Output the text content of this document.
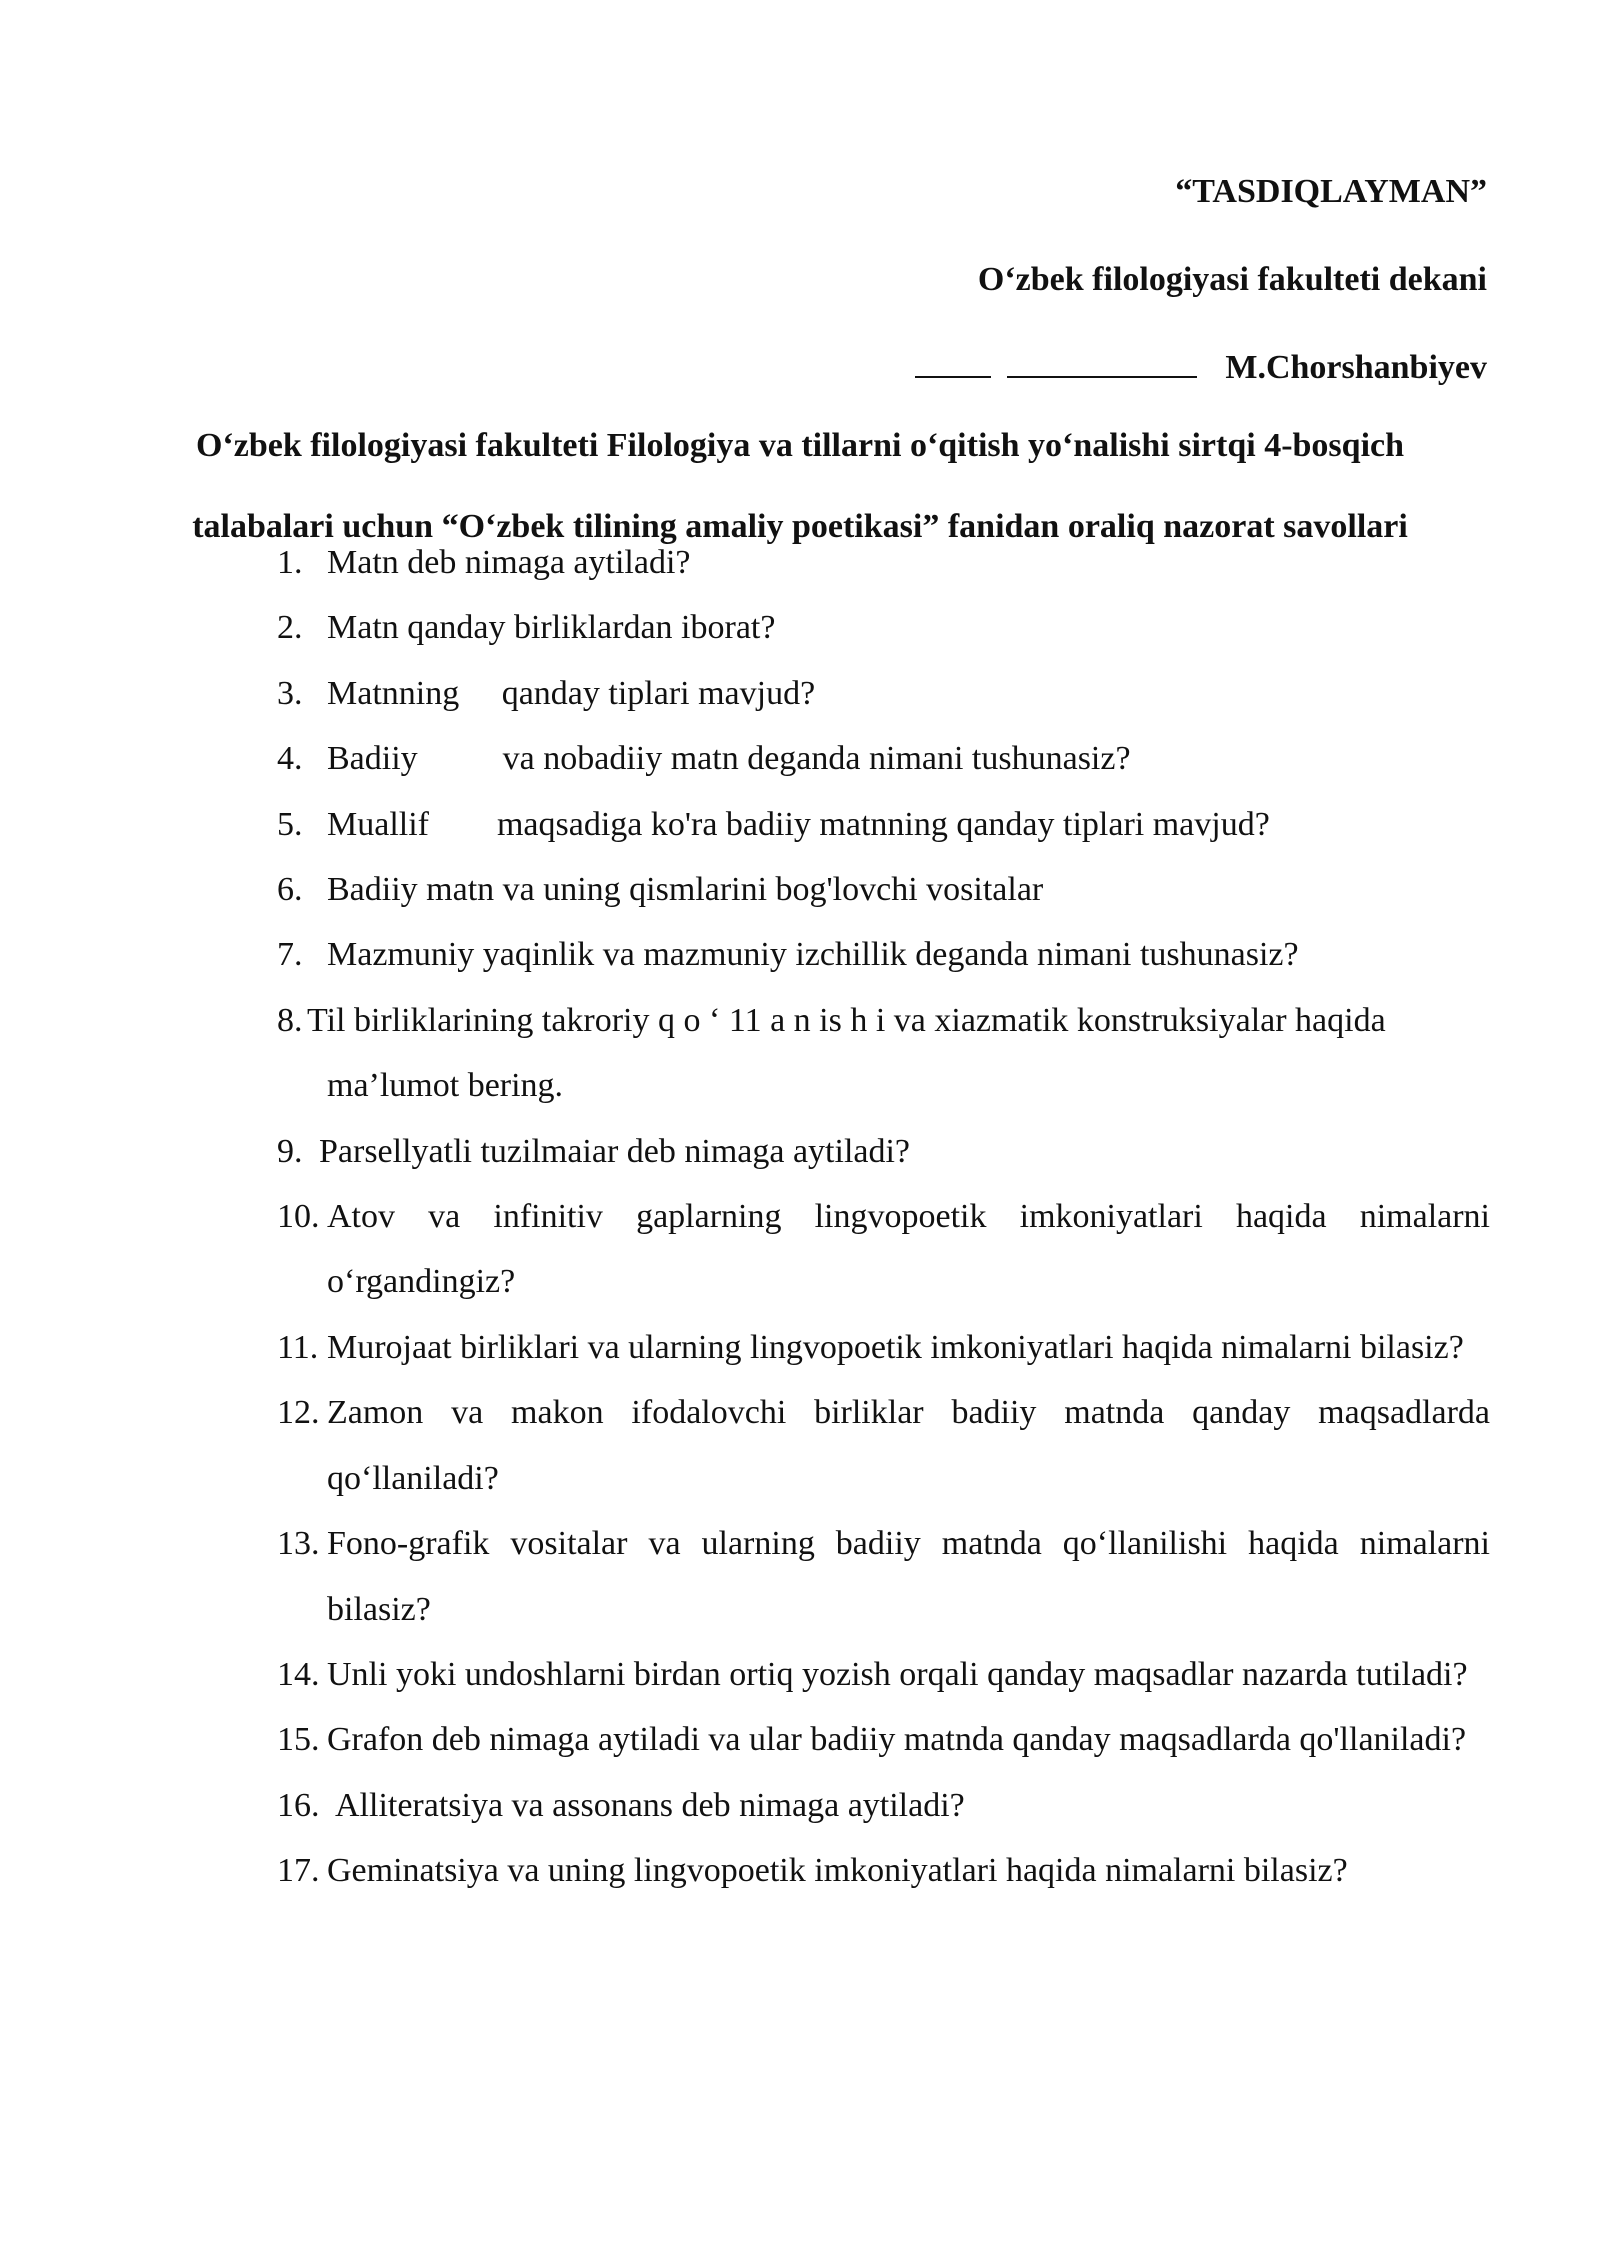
“TASDIQLAYMAN”
O‘zbek filologiyasi fakulteti dekani
M.Chorshanbiyev
O‘zbek filologiyasi fakulteti Filologiya va tillarni o‘qitish yo‘nalishi sirtqi 4-bosqich
talabalari uchun “O‘zbek tilining amaliy poetikasi” fanidan oraliq nazorat savollari
1. Matn deb nimaga aytiladi?
2. Matn qanday birliklardan iborat?
3. Matnning     qanday tiplari mavjud?
4. Badiiy          va nobadiiy matn deganda nimani tushunasiz?
5. Muallif        maqsadiga ko'ra badiiy matnning qanday tiplari mavjud?
6. Badiiy matn va uning qismlarini bog'lovchi vositalar
7. Mazmuniy yaqinlik va mazmuniy izchillik deganda nimani tushunasiz?
8. Til birliklarining takroriy q o ‘ 11 a n is h i va xiazmatik konstruksiyalar haqida ma’lumot bering.
9. Parsellyatli tuzilmaiar deb nimaga aytiladi?
10. Atov va infinitiv gaplarning lingvopoetik imkoniyatlari haqida nimalarni o‘rgandingiz?
11. Murojaat birliklari va ularning lingvopoetik imkoniyatlari haqida nimalarni bilasiz?
12. Zamon va makon ifodalovchi birliklar badiiy matnda qanday maqsadlarda qo‘llaniladi?
13. Fono-grafik vositalar va ularning badiiy matnda qo‘llanilishi haqida nimalarni bilasiz?
14. Unli yoki undoshlarni birdan ortiq yozish orqali qanday maqsadlar nazarda tutiladi?
15. Grafon deb nimaga aytiladi va ular badiiy matnda qanday maqsadlarda qo'llaniladi?
16. Alliteratsiya va assonans deb nimaga aytiladi?
17. Geminatsiya va uning lingvopoetik imkoniyatlari haqida nimalarni bilasiz?
